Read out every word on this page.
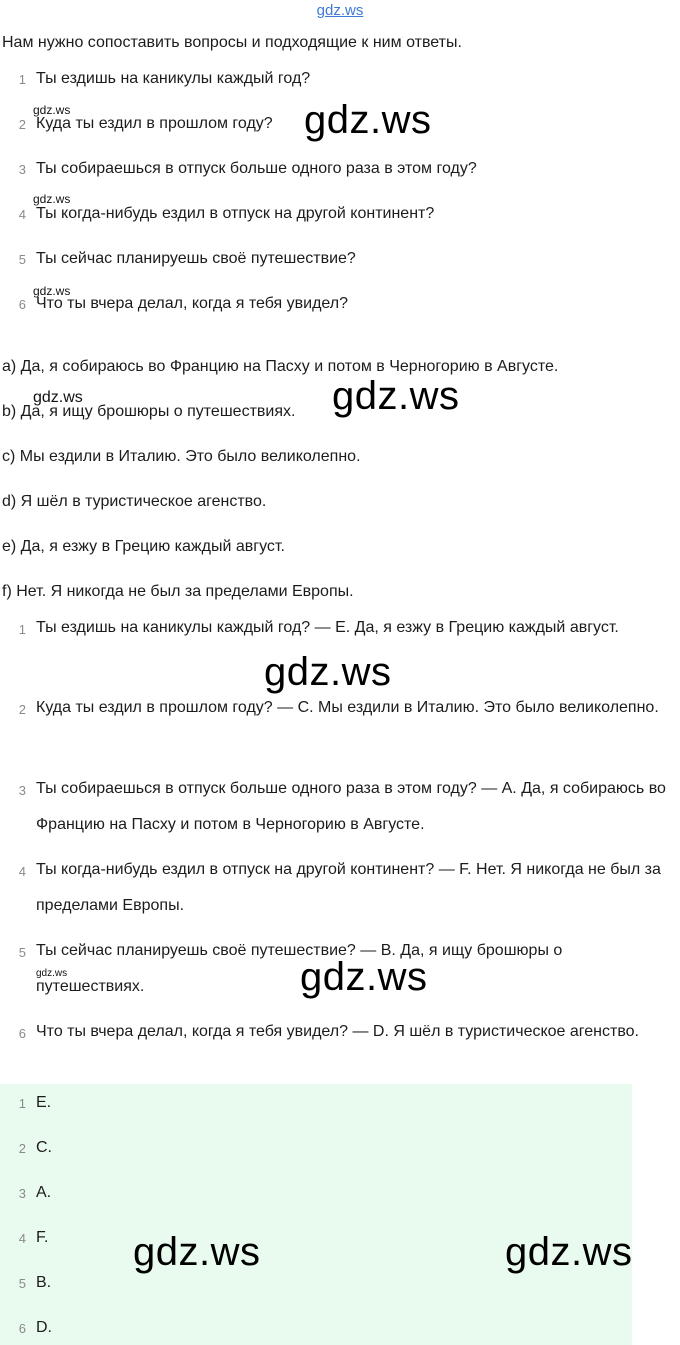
gdz.ws
Нам нужно сопоставить вопросы и подходящие к ним ответы.
1 Ты ездишь на каникулы каждый год?
2 Куда ты ездил в прошлом году?
3 Ты собираешься в отпуск больше одного раза в этом году?
4 Ты когда-нибудь ездил в отпуск на другой континент?
5 Ты сейчас планируешь своё путешествие?
6 Что ты вчера делал, когда я тебя увидел?
a) Да, я собираюсь во Францию на Пасху и потом в Черногорию в Августе.
b) Да, я ищу брошюры о путешествиях.
c) Мы ездили в Италию. Это было великолепно.
d) Я шёл в туристическое агенство.
e) Да, я езжу в Грецию каждый август.
f) Нет. Я никогда не был за пределами Европы.
1 Ты ездишь на каникулы каждый год? — E. Да, я езжу в Грецию каждый август.
2 Куда ты ездил в прошлом году? — C. Мы ездили в Италию. Это было великолепно.
3 Ты собираешься в отпуск больше одного раза в этом году? — A. Да, я собираюсь во Францию на Пасху и потом в Черногорию в Августе.
4 Ты когда-нибудь ездил в отпуск на другой континент? — F. Нет. Я никогда не был за пределами Европы.
5 Ты сейчас планируешь своё путешествие? — B. Да, я ищу брошюры о путешествиях.
6 Что ты вчера делал, когда я тебя увидел? — D. Я шёл в туристическое агенство.
1 E.
2 C.
3 A.
4 F.
5 B.
6 D.
gdz.ws
gdz.ws
gdz.ws
gdz.ws
gdz.ws
gdz.ws
gdz.ws
gdz.ws
gdz.ws
gdz.ws	gdz.ws
